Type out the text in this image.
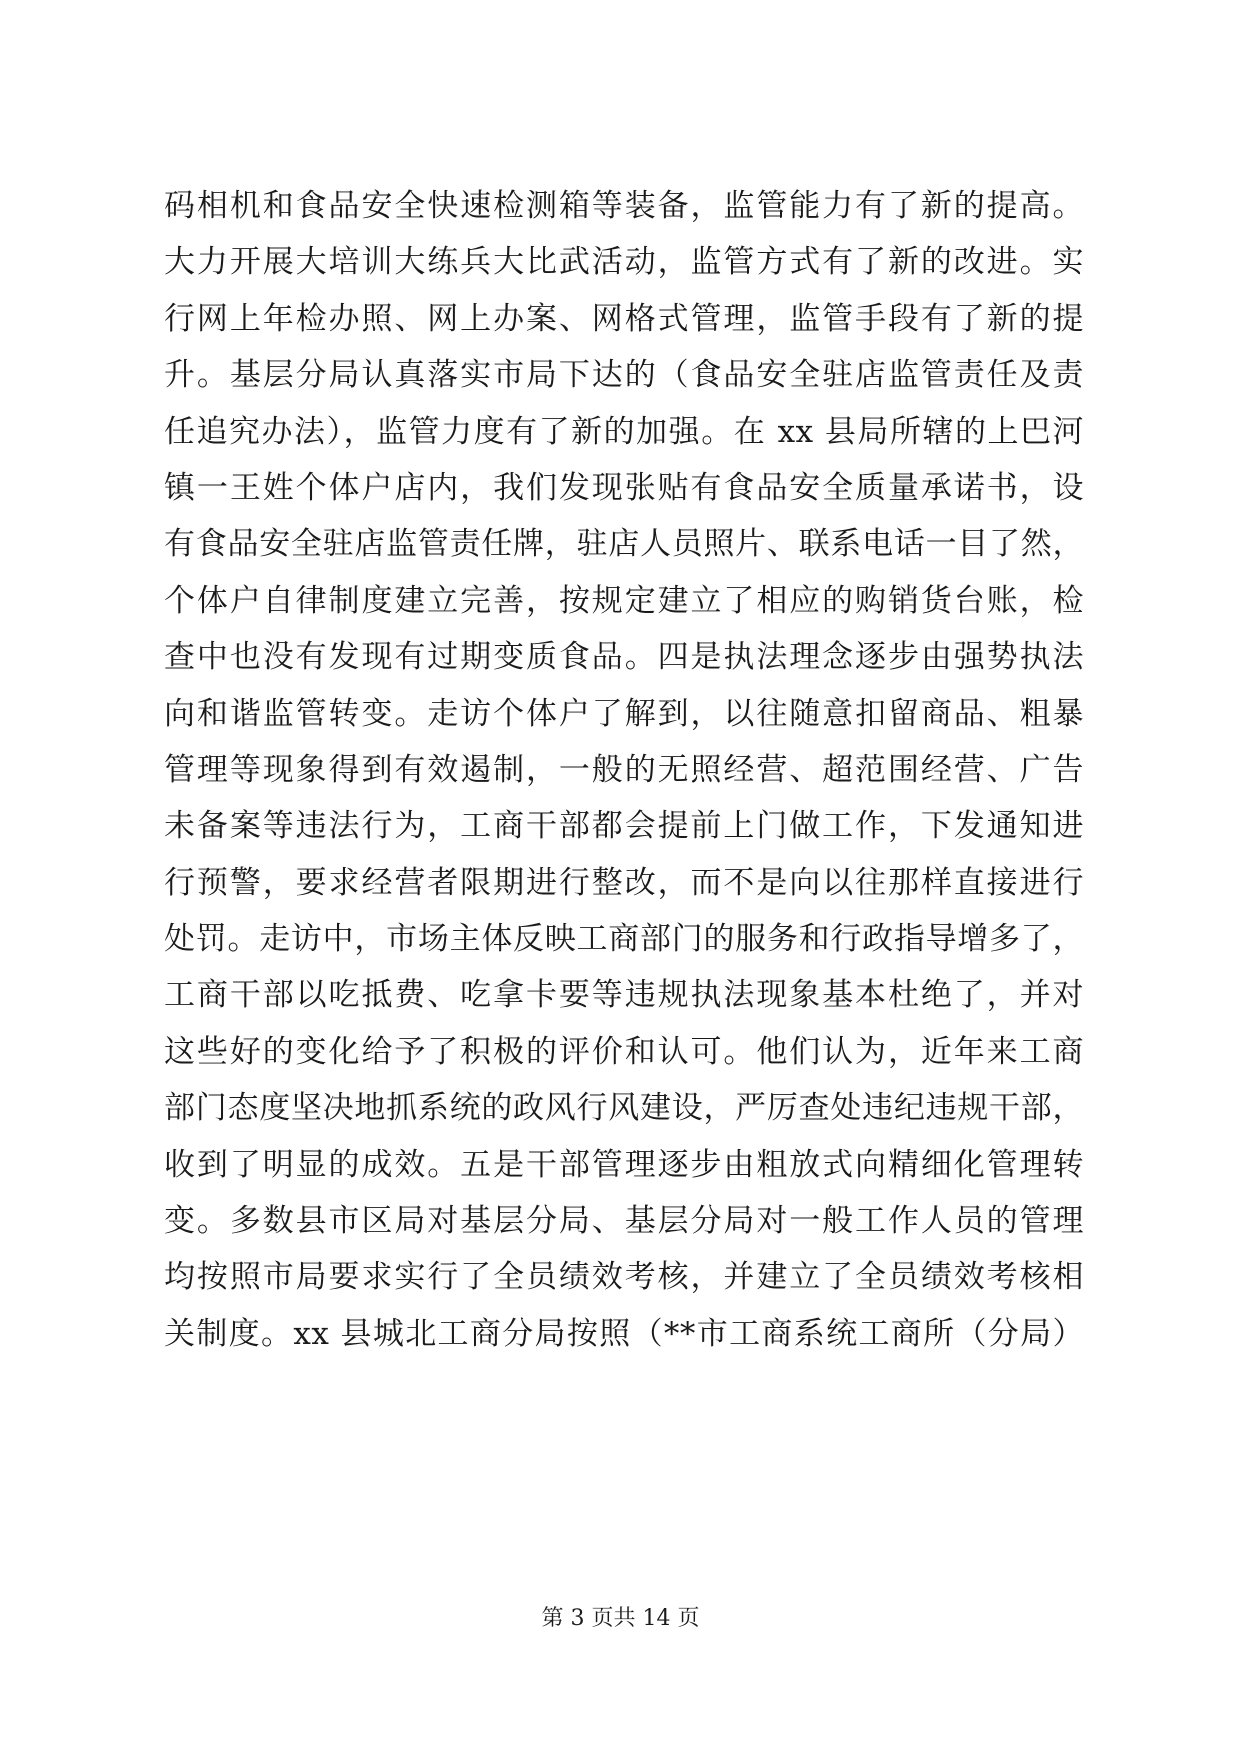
码相机和食品安全快速检测箱等装备，监管能力有了新的提高。
大力开展大培训大练兵大比武活动，监管方式有了新的改进。实
行网上年检办照、网上办案、网格式管理，监管手段有了新的提
升。基层分局认真落实市局下达的（食品安全驻店监管责任及责
任追究办法），监管力度有了新的加强。在 xx 县局所辖的上巴河
镇一王姓个体户店内，我们发现张贴有食品安全质量承诺书，设
有食品安全驻店监管责任牌，驻店人员照片、联系电话一目了然，
个体户自律制度建立完善，按规定建立了相应的购销货台账，检
查中也没有发现有过期变质食品。四是执法理念逐步由强势执法
向和谐监管转变。走访个体户了解到，以往随意扣留商品、粗暴
管理等现象得到有效遏制，一般的无照经营、超范围经营、广告
未备案等违法行为，工商干部都会提前上门做工作，下发通知进
行预警，要求经营者限期进行整改，而不是向以往那样直接进行
处罚。走访中，市场主体反映工商部门的服务和行政指导增多了，
工商干部以吃抵费、吃拿卡要等违规执法现象基本杜绝了，并对
这些好的变化给予了积极的评价和认可。他们认为，近年来工商
部门态度坚决地抓系统的政风行风建设，严厉查处违纪违规干部，
收到了明显的成效。五是干部管理逐步由粗放式向精细化管理转
变。多数县市区局对基层分局、基层分局对一般工作人员的管理
均按照市局要求实行了全员绩效考核，并建立了全员绩效考核相
关制度。xx 县城北工商分局按照（**市工商系统工商所（分局）
第 3 页共 14 页
